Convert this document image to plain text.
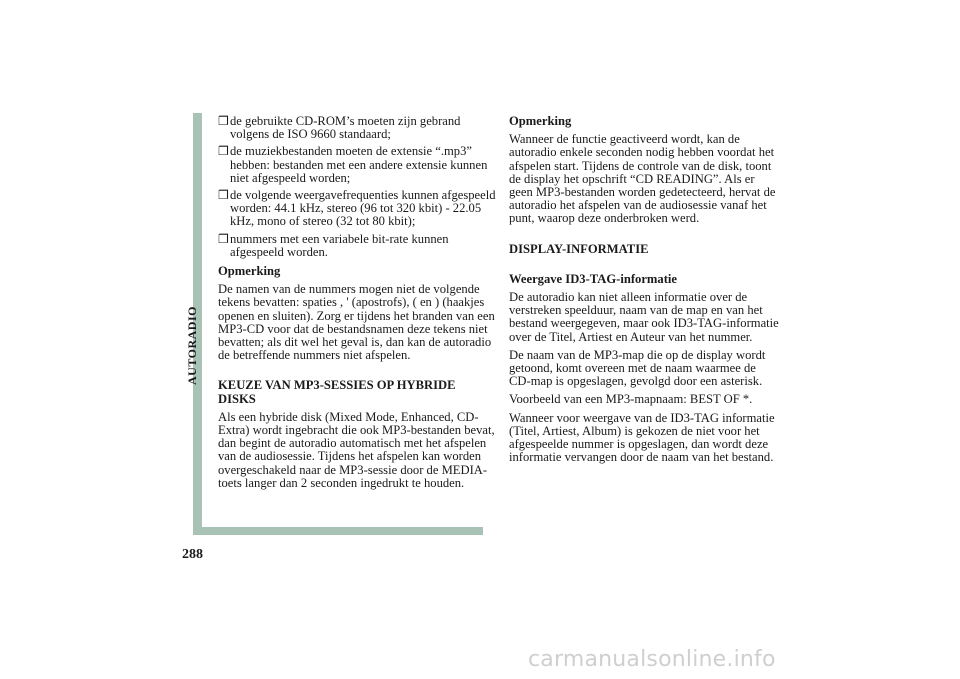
AUTORADIO
288
❒ de gebruikte CD-ROM’s moeten zijn gebrand volgens de ISO 9660 standaard;
❒ de muziekbestanden moeten de extensie “.mp3” hebben: bestanden met een andere extensie kunnen niet afgespeeld worden;
❒ de volgende weergavefrequenties kunnen afgespeeld worden: 44.1 kHz, stereo (96 tot 320 kbit) - 22.05 kHz, mono of stereo (32 tot 80 kbit);
❒ nummers met een variabele bit-rate kunnen afgespeeld worden.
Opmerking
De namen van de nummers mogen niet de volgende tekens bevatten: spaties , ' (apostrofs), ( en ) (haakjes openen en sluiten). Zorg er tijdens het branden van een MP3-CD voor dat de bestandsnamen deze tekens niet bevatten; als dit wel het geval is, dan kan de autoradio de betreffende nummers niet afspelen.
KEUZE VAN MP3-SESSIES OP HYBRIDE DISKS
Als een hybride disk (Mixed Mode, Enhanced, CD-Extra) wordt ingebracht die ook MP3-bestanden bevat, dan begint de autoradio automatisch met het afspelen van de audiosessie. Tijdens het afspelen kan worden overgeschakeld naar de MP3-sessie door de MEDIA-toets langer dan 2 seconden ingedrukt te houden.
Opmerking
Wanneer de functie geactiveerd wordt, kan de autoradio enkele seconden nodig hebben voordat het afspelen start. Tijdens de controle van de disk, toont de display het opschrift “CD READING”. Als er geen MP3-bestanden worden gedetecteerd, hervat de autoradio het afspelen van de audiosessie vanaf het punt, waarop deze onderbroken werd.
DISPLAY-INFORMATIE
Weergave ID3-TAG-informatie
De autoradio kan niet alleen informatie over de verstreken speelduur, naam van de map en van het bestand weergegeven, maar ook ID3-TAG-informatie over de Titel, Artiest en Auteur van het nummer.
De naam van de MP3-map die op de display wordt getoond, komt overeen met de naam waarmee de CD-map is opgeslagen, gevolgd door een asterisk.
Voorbeeld van een MP3-mapnaam: BEST OF *.
Wanneer voor weergave van de ID3-TAG informatie (Titel, Artiest, Album) is gekozen de niet voor het afgespeelde nummer is opgeslagen, dan wordt deze informatie vervangen door de naam van het bestand.
carmanualsonline.info
